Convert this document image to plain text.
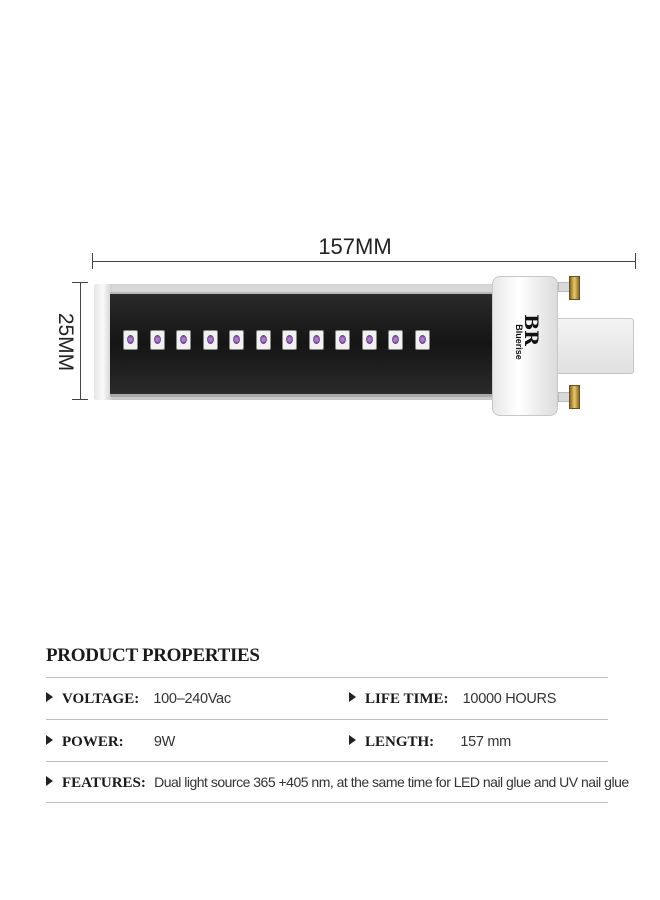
157MM
25MM	BR
Bluerise
PRODUCT PROPERTIES
VOLTAGE: 100–240Vac	LIFE TIME: 10000 HOURS
POWER: 9W	LENGTH: 157 mm
FEATURES: Dual light source 365 +405 nm, at the same time for LED nail glue and UV nail glue
